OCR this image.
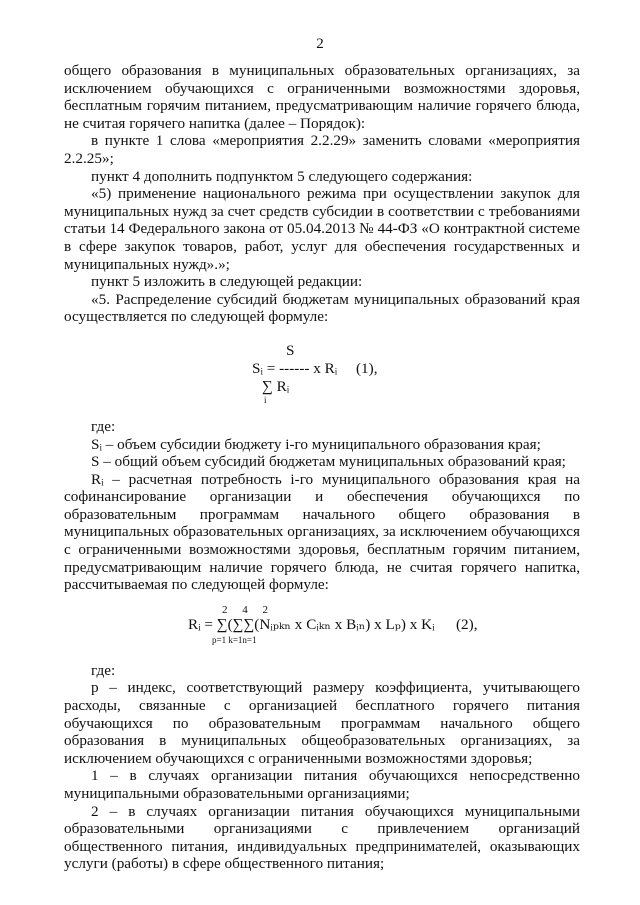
2

общего образования в муниципальных образовательных организациях, за исключением обучающихся с ограниченными возможностями здоровья, бесплатным горячим питанием, предусматривающим наличие горячего блюда, не считая горячего напитка (далее – Порядок):

в пункте 1 слова «мероприятия 2.2.29» заменить словами «мероприятия 2.2.25»;

пункт 4 дополнить подпунктом 5 следующего содержания:

«5) применение национального режима при осуществлении закупок для муниципальных нужд за счет средств субсидии в соответствии с требованиями статьи 14 Федерального закона от 05.04.2013 № 44-ФЗ «О контрактной системе в сфере закупок товаров, работ, услуг для обеспечения государственных и муниципальных нужд».»;

пункт 5 изложить в следующей редакции:

«5. Распределение субсидий бюджетам муниципальных образований края осуществляется по следующей формуле:

S
Sᵢ = ------ x Rᵢ
∑ Rᵢ
i
(1),

где:

Sᵢ – объем субсидии бюджету i-го муниципального образования края;

S – общий объем субсидий бюджетам муниципальных образований края;

Rᵢ – расчетная потребность i-го муниципального образования края на софинансирование организации и обеспечения обучающихся по образовательным программам начального общего образования в муниципальных образовательных организациях, за исключением обучающихся с ограниченными возможностями здоровья, бесплатным горячим питанием, предусматривающим наличие горячего блюда, не считая горячего напитка, рассчитываемая по следующей формуле:

2 4 2
Rᵢ = ∑(∑∑(Nᵢₚₖₙ x Cᵢₖₙ x Bᵢₙ) x Lₚ) x Kᵢ
p=1 k=1n=1
(2),

где:

p – индекс, соответствующий размеру коэффициента, учитывающего расходы, связанные с организацией бесплатного горячего питания обучающихся по образовательным программам начального общего образования в муниципальных общеобразовательных организациях, за исключением обучающихся с ограниченными возможностями здоровья;

1 – в случаях организации питания обучающихся непосредственно муниципальными образовательными организациями;

2 – в случаях организации питания обучающихся муниципальными образовательными организациями с привлечением организаций общественного питания, индивидуальных предпринимателей, оказывающих услуги (работы) в сфере общественного питания;
